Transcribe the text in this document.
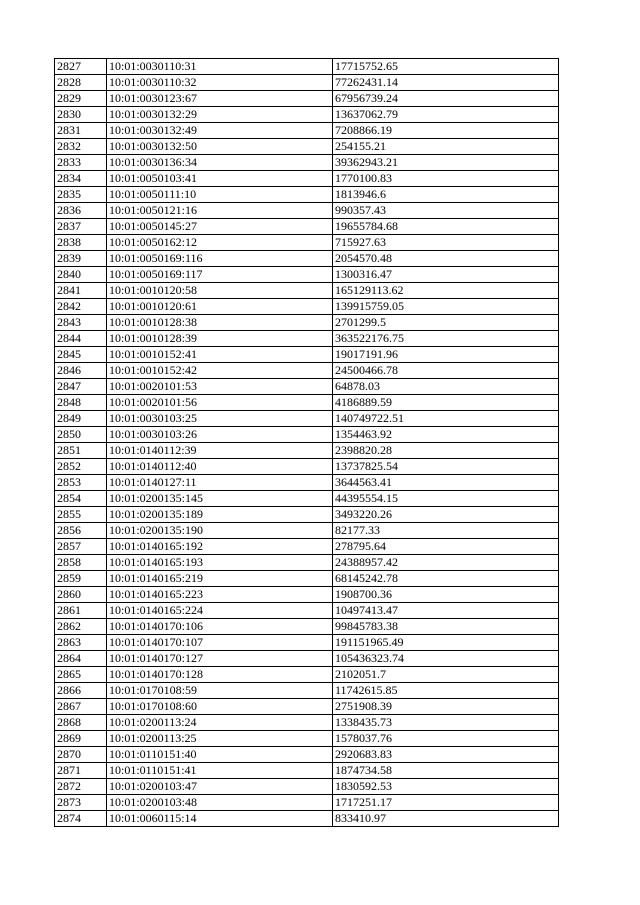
2827	10:01:0030110:31	17715752.65
2828	10:01:0030110:32	77262431.14
2829	10:01:0030123:67	67956739.24
2830	10:01:0030132:29	13637062.79
2831	10:01:0030132:49	7208866.19
2832	10:01:0030132:50	254155.21
2833	10:01:0030136:34	39362943.21
2834	10:01:0050103:41	1770100.83
2835	10:01:0050111:10	1813946.6
2836	10:01:0050121:16	990357.43
2837	10:01:0050145:27	19655784.68
2838	10:01:0050162:12	715927.63
2839	10:01:0050169:116	2054570.48
2840	10:01:0050169:117	1300316.47
2841	10:01:0010120:58	165129113.62
2842	10:01:0010120:61	139915759.05
2843	10:01:0010128:38	2701299.5
2844	10:01:0010128:39	363522176.75
2845	10:01:0010152:41	19017191.96
2846	10:01:0010152:42	24500466.78
2847	10:01:0020101:53	64878.03
2848	10:01:0020101:56	4186889.59
2849	10:01:0030103:25	140749722.51
2850	10:01:0030103:26	1354463.92
2851	10:01:0140112:39	2398820.28
2852	10:01:0140112:40	13737825.54
2853	10:01:0140127:11	3644563.41
2854	10:01:0200135:145	44395554.15
2855	10:01:0200135:189	3493220.26
2856	10:01:0200135:190	82177.33
2857	10:01:0140165:192	278795.64
2858	10:01:0140165:193	24388957.42
2859	10:01:0140165:219	68145242.78
2860	10:01:0140165:223	1908700.36
2861	10:01:0140165:224	10497413.47
2862	10:01:0140170:106	99845783.38
2863	10:01:0140170:107	191151965.49
2864	10:01:0140170:127	105436323.74
2865	10:01:0140170:128	2102051.7
2866	10:01:0170108:59	11742615.85
2867	10:01:0170108:60	2751908.39
2868	10:01:0200113:24	1338435.73
2869	10:01:0200113:25	1578037.76
2870	10:01:0110151:40	2920683.83
2871	10:01:0110151:41	1874734.58
2872	10:01:0200103:47	1830592.53
2873	10:01:0200103:48	1717251.17
2874	10:01:0060115:14	833410.97
